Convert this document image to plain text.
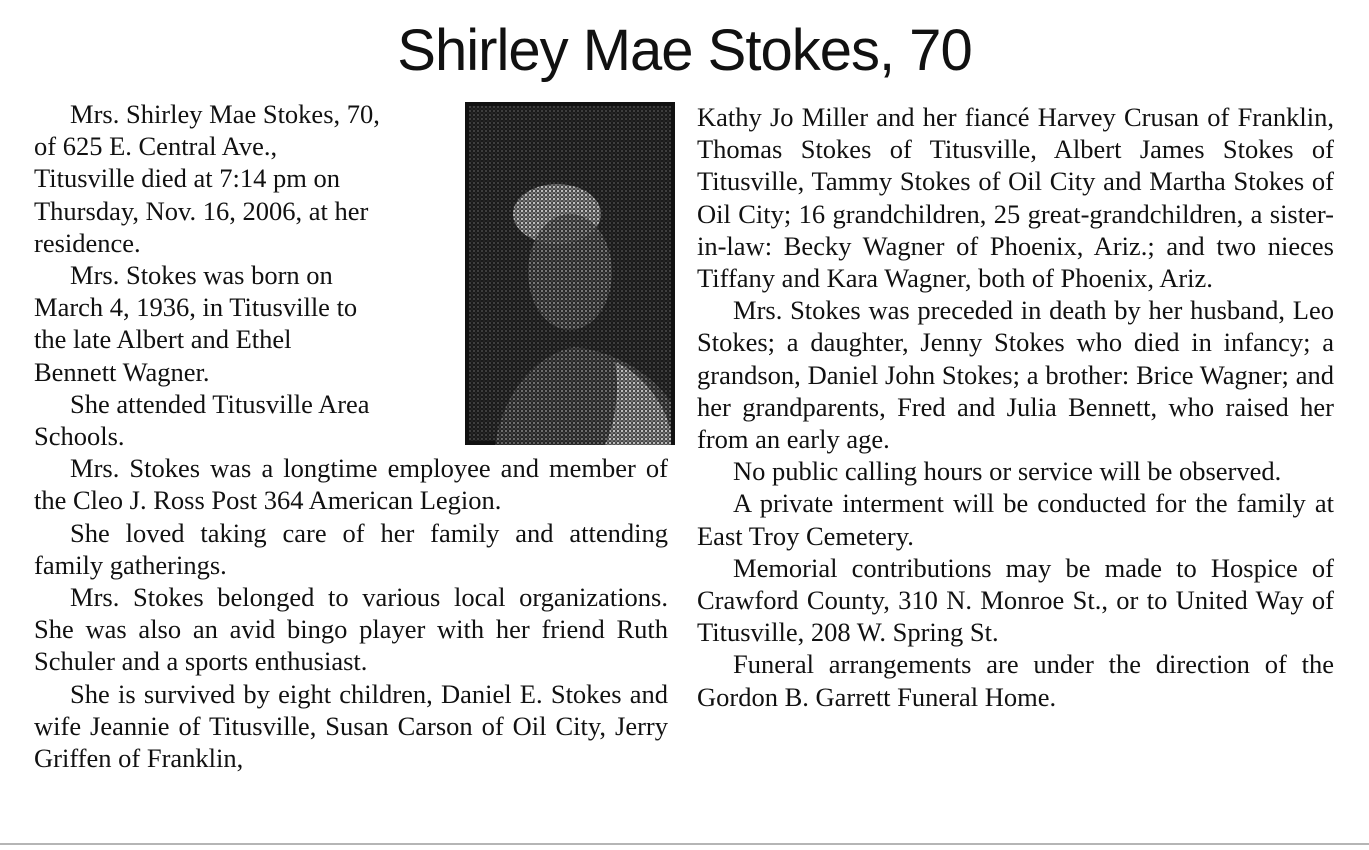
Shirley Mae Stokes, 70

Mrs. Shirley Mae Stokes, 70,
of 625 E. Central Ave.,
Titusville died at 7:14 pm on
Thursday, Nov. 16, 2006, at her
residence.

Mrs. Stokes was born on
March 4, 1936, in Titusville to
the late Albert and Ethel
Bennett Wagner.

She attended Titusville Area
Schools.

Mrs. Stokes was a longtime employee and member of the Cleo J. Ross Post 364 American Legion.

She loved taking care of her family and attending family gatherings.

Mrs. Stokes belonged to various local organizations. She was also an avid bingo player with her friend Ruth Schuler and a sports enthusiast.

She is survived by eight children, Daniel E. Stokes and wife Jeannie of Titusville, Susan Carson of Oil City, Jerry Griffen of Franklin,

Kathy Jo Miller and her fiancé Harvey Crusan of Franklin, Thomas Stokes of Titusville, Albert James Stokes of Titusville, Tammy Stokes of Oil City and Martha Stokes of Oil City; 16 grandchildren, 25 great-grandchildren, a sister-in-law: Becky Wagner of Phoenix, Ariz.; and two nieces Tiffany and Kara Wagner, both of Phoenix, Ariz.

Mrs. Stokes was preceded in death by her husband, Leo Stokes; a daughter, Jenny Stokes who died in infancy; a grandson, Daniel John Stokes; a brother: Brice Wagner; and her grandparents, Fred and Julia Bennett, who raised her from an early age.

No public calling hours or service will be observed.

A private interment will be conducted for the family at East Troy Cemetery.

Memorial contributions may be made to Hospice of Crawford County, 310 N. Monroe St., or to United Way of Titusville, 208 W. Spring St.

Funeral arrangements are under the direction of the Gordon B. Garrett Funeral Home.
